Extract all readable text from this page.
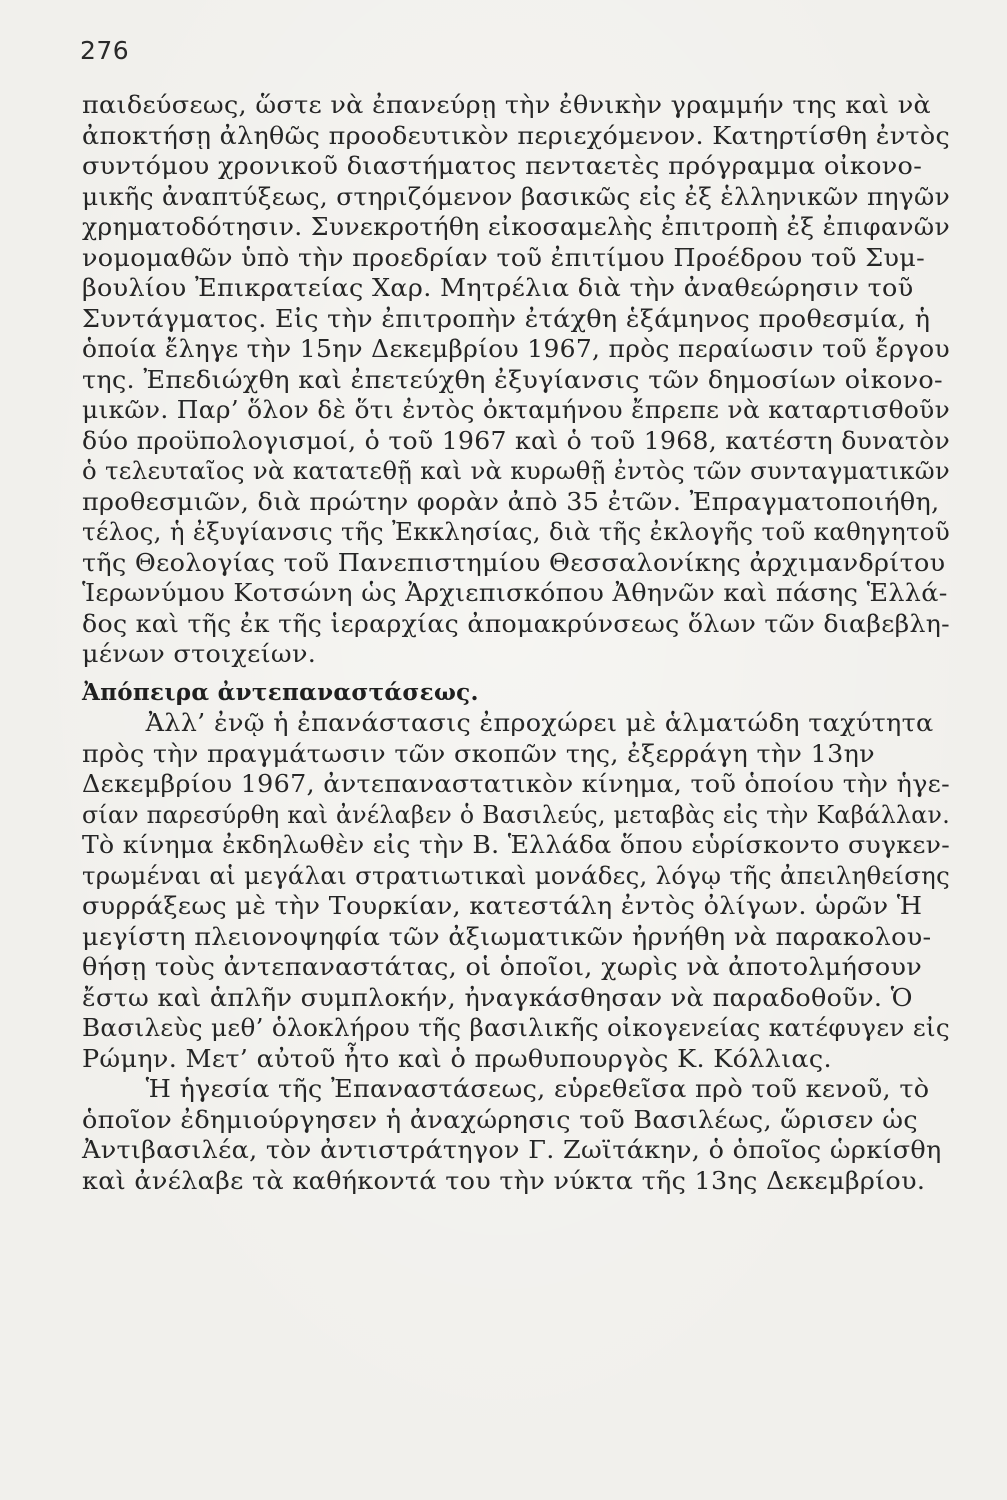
276
παιδεύσεως, ὥστε νὰ ἐπανεύρῃ τὴν ἐθνικὴν γραμμήν της καὶ νὰ
ἀποκτήσῃ ἀληθῶς προοδευτικὸν περιεχόμενον. Κατηρτίσθη ἐντὸς
συντόμου χρονικοῦ διαστήματος πενταετὲς πρόγραμμα οἰκονο-
μικῆς ἀναπτύξεως, στηριζόμενον βασικῶς εἰς ἐξ ἑλληνικῶν πηγῶν
χρηματοδότησιν. Συνεκροτήθη εἰκοσαμελὴς ἐπιτροπὴ ἐξ ἐπιφανῶν
νομομαθῶν ὑπὸ τὴν προεδρίαν τοῦ ἐπιτίμου Προέδρου τοῦ Συμ-
βουλίου Ἐπικρατείας Χαρ. Μητρέλια διὰ τὴν ἀναθεώρησιν τοῦ
Συντάγματος. Εἰς τὴν ἐπιτροπὴν ἐτάχθη ἑξάμηνος προθεσμία, ἡ
ὁποία ἔληγε τὴν 15ην Δεκεμβρίου 1967, πρὸς περαίωσιν τοῦ ἔργου
της. Ἐπεδιώχθη καὶ ἐπετεύχθη ἐξυγίανσις τῶν δημοσίων οἰκονο-
μικῶν. Παρ’ ὅλον δὲ ὅτι ἐντὸς ὀκταμήνου ἔπρεπε νὰ καταρτισθοῦν
δύο προϋπολογισμοί, ὁ τοῦ 1967 καὶ ὁ τοῦ 1968, κατέστη δυνατὸν
ὁ τελευταῖος νὰ κατατεθῇ καὶ νὰ κυρωθῇ ἐντὸς τῶν συνταγματικῶν
προθεσμιῶν, διὰ πρώτην φορὰν ἀπὸ 35 ἐτῶν. Ἐπραγματοποιήθη,
τέλος, ἡ ἐξυγίανσις τῆς Ἐκκλησίας, διὰ τῆς ἐκλογῆς τοῦ καθηγητοῦ
τῆς Θεολογίας τοῦ Πανεπιστημίου Θεσσαλονίκης ἀρχιμανδρίτου
Ἱερωνύμου Κοτσώνη ὡς Ἀρχιεπισκόπου Ἀθηνῶν καὶ πάσης Ἑλλά-
δος καὶ τῆς ἐκ τῆς ἱεραρχίας ἀπομακρύνσεως ὅλων τῶν διαβεβλη-
μένων στοιχείων.
Ἀπόπειρα ἀντεπαναστάσεως.
Ἀλλ’ ἐνῷ ἡ ἐπανάστασις ἐπροχώρει μὲ ἁλματώδη ταχύτητα
πρὸς τὴν πραγμάτωσιν τῶν σκοπῶν της, ἐξερράγη τὴν 13ην
Δεκεμβρίου 1967, ἀντεπαναστατικὸν κίνημα, τοῦ ὁποίου τὴν ἡγε-
σίαν παρεσύρθη καὶ ἀνέλαβεν ὁ Βασιλεύς, μεταβὰς εἰς τὴν Καβάλλαν.
Τὸ κίνημα ἐκδηλωθὲν εἰς τὴν Β. Ἑλλάδα ὅπου εὑρίσκοντο συγκεν-
τρωμέναι αἱ μεγάλαι στρατιωτικαὶ μονάδες, λόγῳ τῆς ἀπειληθείσης
συρράξεως μὲ τὴν Τουρκίαν, κατεστάλη ἐντὸς ὀλίγων. ὡρῶν Ἡ
μεγίστη πλειονοψηφία τῶν ἀξιωματικῶν ἠρνήθη νὰ παρακολου-
θήσῃ τοὺς ἀντεπαναστάτας, οἱ ὁποῖοι, χωρὶς νὰ ἀποτολμήσουν
ἔστω καὶ ἁπλῆν συμπλοκήν, ἠναγκάσθησαν νὰ παραδοθοῦν. Ὁ
Βασιλεὺς μεθ’ ὁλοκλήρου τῆς βασιλικῆς οἰκογενείας κατέφυγεν εἰς
Ρώμην. Μετ’ αὐτοῦ ἦτο καὶ ὁ πρωθυπουργὸς Κ. Κόλλιας.
Ἡ ἡγεσία τῆς Ἐπαναστάσεως, εὑρεθεῖσα πρὸ τοῦ κενοῦ, τὸ
ὁποῖον ἐδημιούργησεν ἡ ἀναχώρησις τοῦ Βασιλέως, ὥρισεν ὡς
Ἀντιβασιλέα, τὸν ἀντιστράτηγον Γ. Ζωϊτάκην, ὁ ὁποῖος ὡρκίσθη
καὶ ἀνέλαβε τὰ καθήκοντά του τὴν νύκτα τῆς 13ης Δεκεμβρίου.
